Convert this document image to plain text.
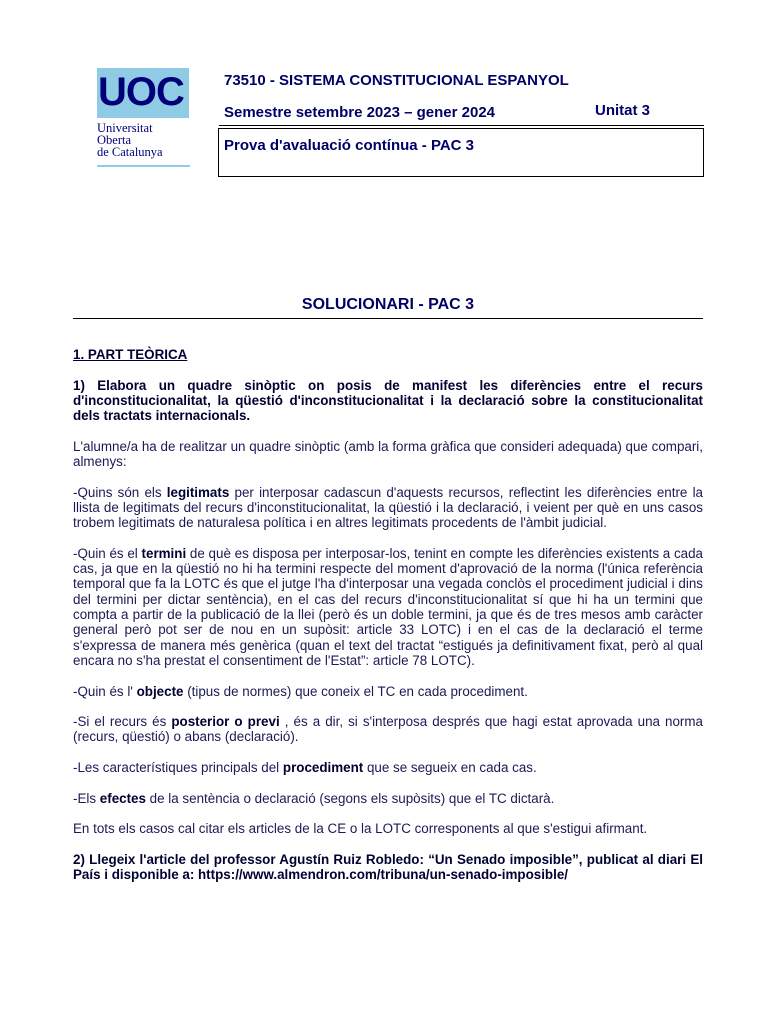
UOC
Universitat
Oberta
de Catalunya
73510 - SISTEMA CONSTITUCIONAL ESPANYOL
Semestre setembre 2023 – gener 2024	Unitat 3
Prova d'avaluació contínua - PAC 3
SOLUCIONARI - PAC 3

1. PART TEÒRICA

1) Elabora un quadre sinòptic on posis de manifest les diferències entre el recurs d'inconstitucionalitat, la qüestió d'inconstitucionalitat i la declaració sobre la constitucionalitat dels tractats internacionals.

L'alumne/a ha de realitzar un quadre sinòptic (amb la forma gràfica que consideri adequada) que compari, almenys:

-Quins són els legitimats per interposar cadascun d'aquests recursos, reflectint les diferències entre la llista de legitimats del recurs d'inconstitucionalitat, la qüestió i la declaració, i veient per què en uns casos trobem legitimats de naturalesa política i en altres legitimats procedents de l'àmbit judicial.

-Quin és el termini de què es disposa per interposar-los, tenint en compte les diferències existents a cada cas, ja que en la qüestió no hi ha termini respecte del moment d'aprovació de la norma (l'única referència temporal que fa la LOTC és que el jutge l'ha d'interposar una vegada conclòs el procediment judicial i dins del termini per dictar sentència), en el cas del recurs d'inconstitucionalitat sí que hi ha un termini que compta a partir de la publicació de la llei (però és un doble termini, ja que és de tres mesos amb caràcter general però pot ser de nou en un supòsit: article 33 LOTC) i en el cas de la declaració el terme s'expressa de manera més genèrica (quan el text del tractat “estigués ja definitivament fixat, però al qual encara no s'ha prestat el consentiment de l'Estat”: article 78 LOTC).

-Quin és l' objecte (tipus de normes) que coneix el TC en cada procediment.

-Si el recurs és posterior o previ , és a dir, si s'interposa després que hagi estat aprovada una norma (recurs, qüestió) o abans (declaració).

-Les característiques principals del procediment que se segueix en cada cas.

-Els efectes de la sentència o declaració (segons els supòsits) que el TC dictarà.

En tots els casos cal citar els articles de la CE o la LOTC corresponents al que s'estigui afirmant.

2) Llegeix l'article del professor Agustín Ruiz Robledo: “Un Senado imposible”, publicat al diari El País i disponible a: https://www.almendron.com/tribuna/un-senado-imposible/
